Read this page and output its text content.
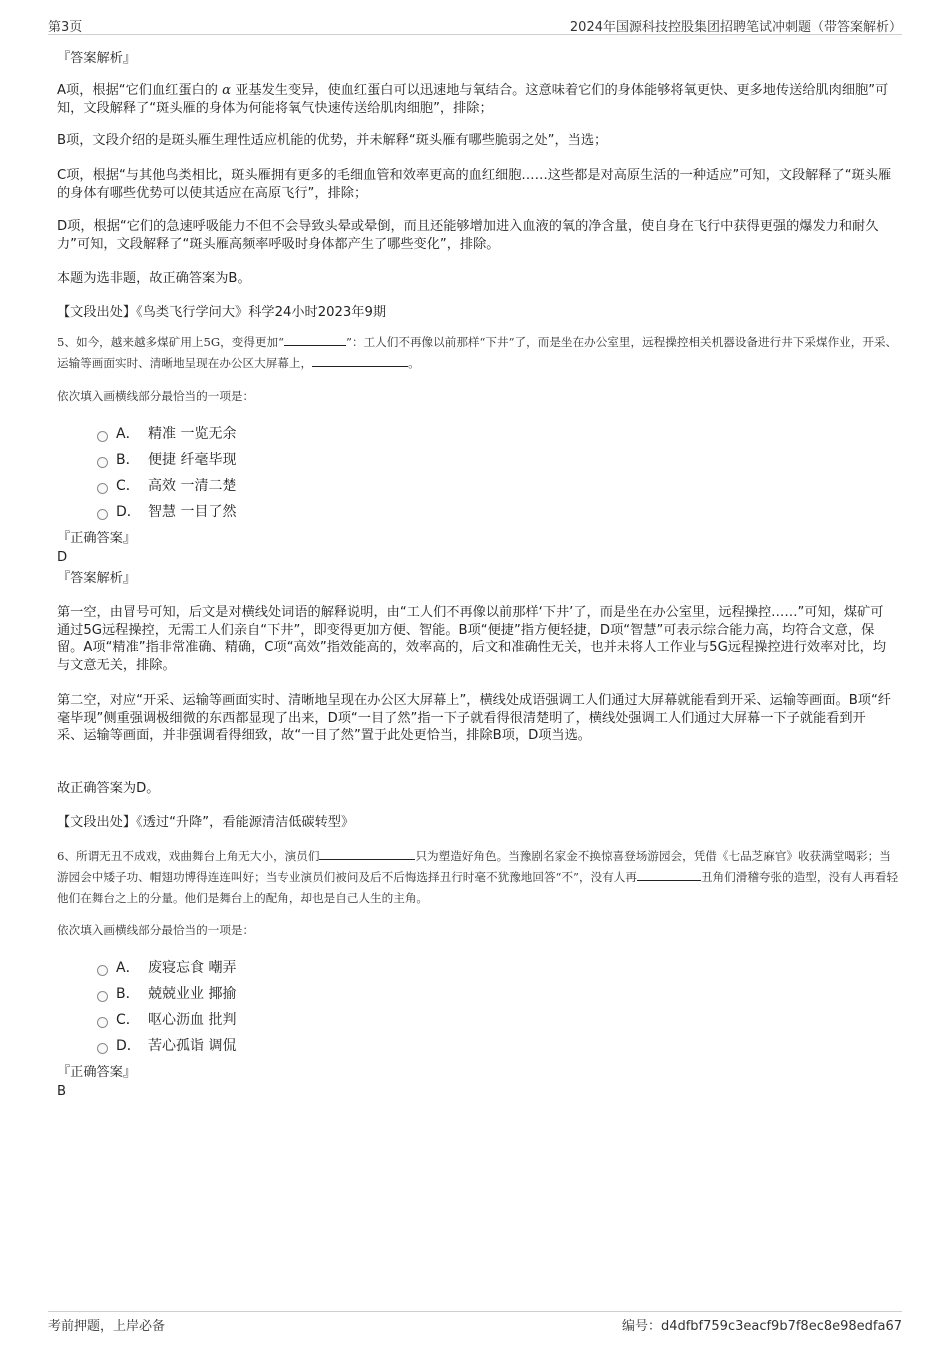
第3页	2024年国源科技控股集团招聘笔试冲刺题（带答案解析）
『答案解析』

A项，根据“它们血红蛋白的 α 亚基发生变异，使血红蛋白可以迅速地与氧结合。这意味着它们的身体能够将氧更快、更多地传送给肌肉细胞”可知，文段解释了“斑头雁的身体为何能将氧气快速传送给肌肉细胞”，排除；

B项，文段介绍的是斑头雁生理性适应机能的优势，并未解释“斑头雁有哪些脆弱之处”，当选；

C项，根据“与其他鸟类相比，斑头雁拥有更多的毛细血管和效率更高的血红细胞……这些都是对高原生活的一种适应”可知，文段解释了“斑头雁的身体有哪些优势可以使其适应在高原飞行”，排除；

D项，根据“它们的急速呼吸能力不但不会导致头晕或晕倒，而且还能够增加进入血液的氧的净含量，使自身在飞行中获得更强的爆发力和耐久力”可知，文段解释了“斑头雁高频率呼吸时身体都产生了哪些变化”，排除。

本题为选非题，故正确答案为B。

【文段出处】《鸟类飞行学问大》科学24小时2023年9期

5、如今，越来越多煤矿用上5G，变得更加“	”：工人们不再像以前那样“下井”了，而是坐在办公室里，远程操控相关机器设备进行井下采煤作业，开采、运输等画面实时、清晰地呈现在办公区大屏幕上，	。

依次填入画横线部分最恰当的一项是：
A． 精准 一览无余
B． 便捷 纤毫毕现
C． 高效 一清二楚
D． 智慧 一目了然
『正确答案』
D
『答案解析』

第一空，由冒号可知，后文是对横线处词语的解释说明，由“工人们不再像以前那样‘下井’了，而是坐在办公室里，远程操控……”可知，煤矿可通过5G远程操控，无需工人们亲自“下井”，即变得更加方便、智能。B项“便捷”指方便轻捷，D项“智慧”可表示综合能力高，均符合文意，保留。A项“精准”指非常准确、精确，C项“高效”指效能高的，效率高的，后文和准确性无关，也并未将人工作业与5G远程操控进行效率对比，均与文意无关，排除。

第二空，对应“开采、运输等画面实时、清晰地呈现在办公区大屏幕上”，横线处成语强调工人们通过大屏幕就能看到开采、运输等画面。B项“纤毫毕现”侧重强调极细微的东西都显现了出来，D项“一目了然”指一下子就看得很清楚明了，横线处强调工人们通过大屏幕一下子就能看到开采、运输等画面，并非强调看得细致，故“一目了然”置于此处更恰当，排除B项，D项当选。

故正确答案为D。

【文段出处】《透过“升降”，看能源清洁低碳转型》

6、所谓无丑不成戏，戏曲舞台上角无大小，演员们	只为塑造好角色。当豫剧名家金不换惊喜登场游园会，凭借《七品芝麻官》收获满堂喝彩；当游园会中矮子功、帽翅功博得连连叫好；当专业演员们被问及后不后悔选择丑行时毫不犹豫地回答“不”，没有人再	丑角们滑稽夸张的造型，没有人再看轻他们在舞台之上的分量。他们是舞台上的配角，却也是自己人生的主角。

依次填入画横线部分最恰当的一项是：
A． 废寝忘食 嘲弄
B． 兢兢业业 揶揄
C． 呕心沥血 批判
D． 苦心孤诣 调侃
『正确答案』
B
考前押题，上岸必备	编号：d4dfbf759c3eacf9b7f8ec8e98edfa67
